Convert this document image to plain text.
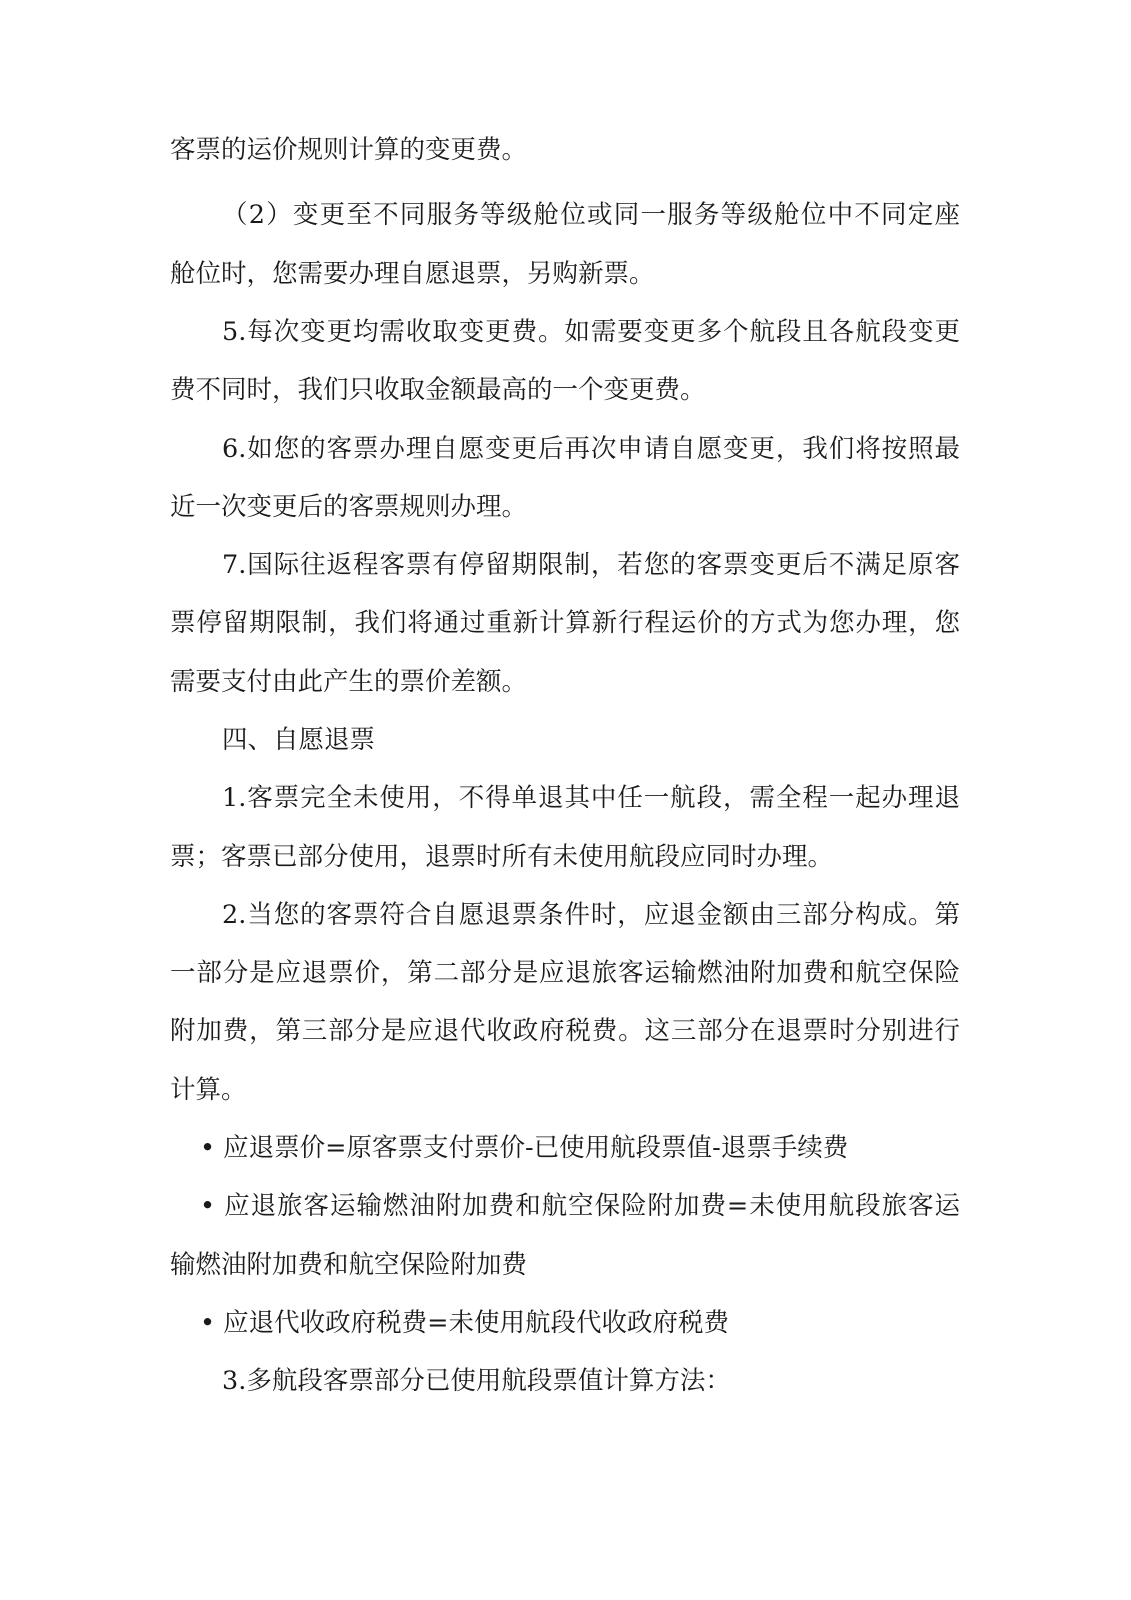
客票的运价规则计算的变更费。
（2）变更至不同服务等级舱位或同一服务等级舱位中不同定座
舱位时，您需要办理自愿退票，另购新票。
5.每次变更均需收取变更费。如需要变更多个航段且各航段变更
费不同时，我们只收取金额最高的一个变更费。
6.如您的客票办理自愿变更后再次申请自愿变更，我们将按照最
近一次变更后的客票规则办理。
7.国际往返程客票有停留期限制，若您的客票变更后不满足原客
票停留期限制，我们将通过重新计算新行程运价的方式为您办理，您
需要支付由此产生的票价差额。
四、自愿退票
1.客票完全未使用，不得单退其中任一航段，需全程一起办理退
票；客票已部分使用，退票时所有未使用航段应同时办理。
2.当您的客票符合自愿退票条件时，应退金额由三部分构成。第
一部分是应退票价，第二部分是应退旅客运输燃油附加费和航空保险
附加费，第三部分是应退代收政府税费。这三部分在退票时分别进行
计算。
• 应退票价=原客票支付票价-已使用航段票值-退票手续费
• 应退旅客运输燃油附加费和航空保险附加费=未使用航段旅客运
输燃油附加费和航空保险附加费
• 应退代收政府税费=未使用航段代收政府税费
3.多航段客票部分已使用航段票值计算方法：
